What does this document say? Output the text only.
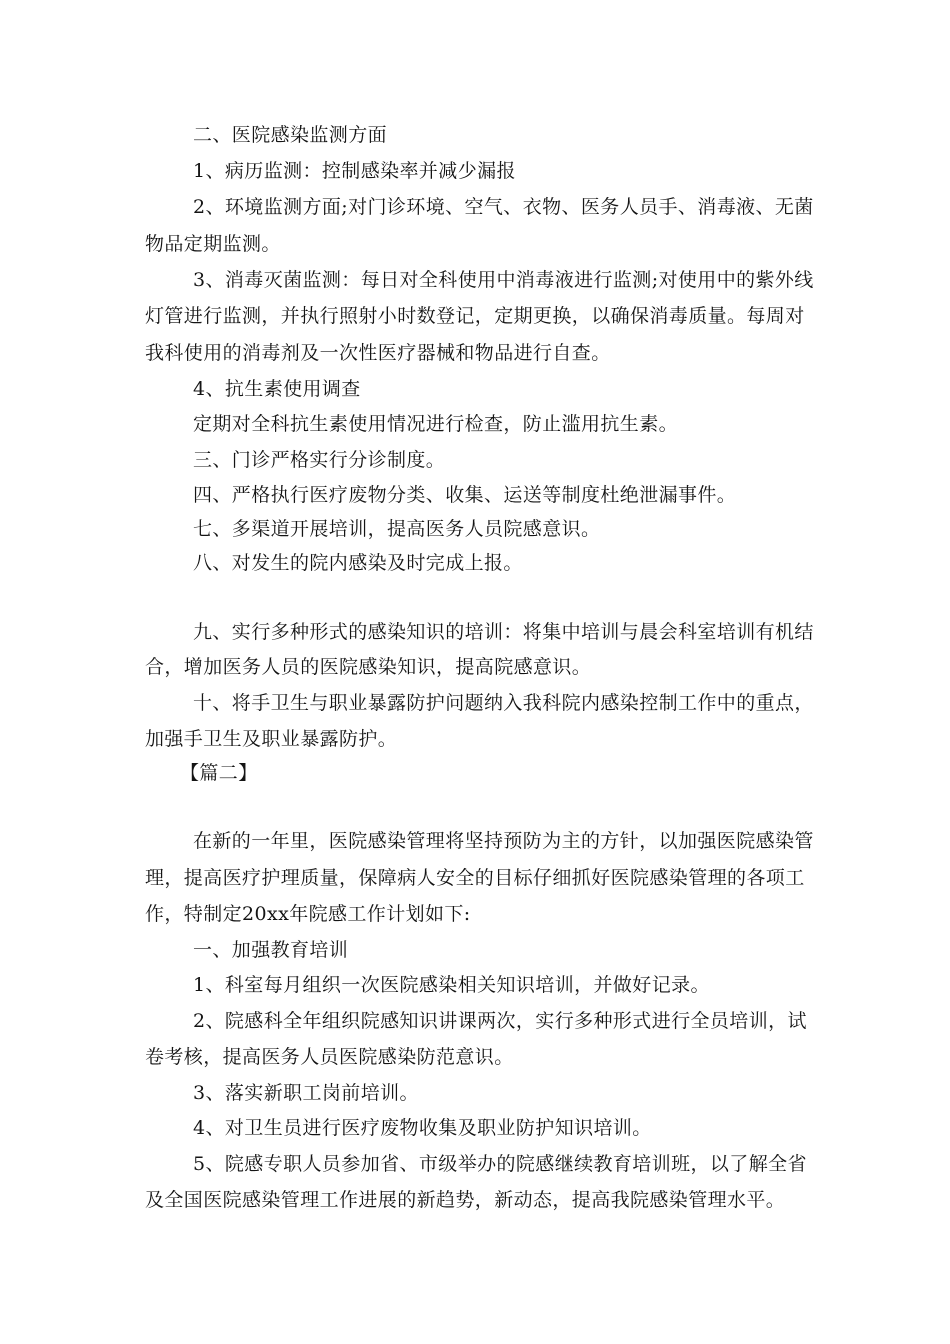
二、医院感染监测方面

1、病历监测：控制感染率并减少漏报

2、环境监测方面;对门诊环境、空气、衣物、医务人员手、消毒液、无菌

物品定期监测。

3、消毒灭菌监测：每日对全科使用中消毒液进行监测;对使用中的紫外线

灯管进行监测，并执行照射小时数登记，定期更换，以确保消毒质量。每周对

我科使用的消毒剂及一次性医疗器械和物品进行自查。

4、抗生素使用调查

定期对全科抗生素使用情况进行检查，防止滥用抗生素。

三、门诊严格实行分诊制度。

四、严格执行医疗废物分类、收集、运送等制度杜绝泄漏事件。

七、多渠道开展培训，提高医务人员院感意识。

八、对发生的院内感染及时完成上报。

九、实行多种形式的感染知识的培训：将集中培训与晨会科室培训有机结

合，增加医务人员的医院感染知识，提高院感意识。

十、将手卫生与职业暴露防护问题纳入我科院内感染控制工作中的重点，

加强手卫生及职业暴露防护。

【篇二】

在新的一年里，医院感染管理将坚持预防为主的方针，以加强医院感染管

理，提高医疗护理质量，保障病人安全的目标仔细抓好医院感染管理的各项工

作，特制定20xx年院感工作计划如下:

一、加强教育培训

1、科室每月组织一次医院感染相关知识培训，并做好记录。

2、院感科全年组织院感知识讲课两次，实行多种形式进行全员培训，试

卷考核，提高医务人员医院感染防范意识。

3、落实新职工岗前培训。

4、对卫生员进行医疗废物收集及职业防护知识培训。

5、院感专职人员参加省、市级举办的院感继续教育培训班，以了解全省

及全国医院感染管理工作进展的新趋势，新动态，提高我院感染管理水平。
